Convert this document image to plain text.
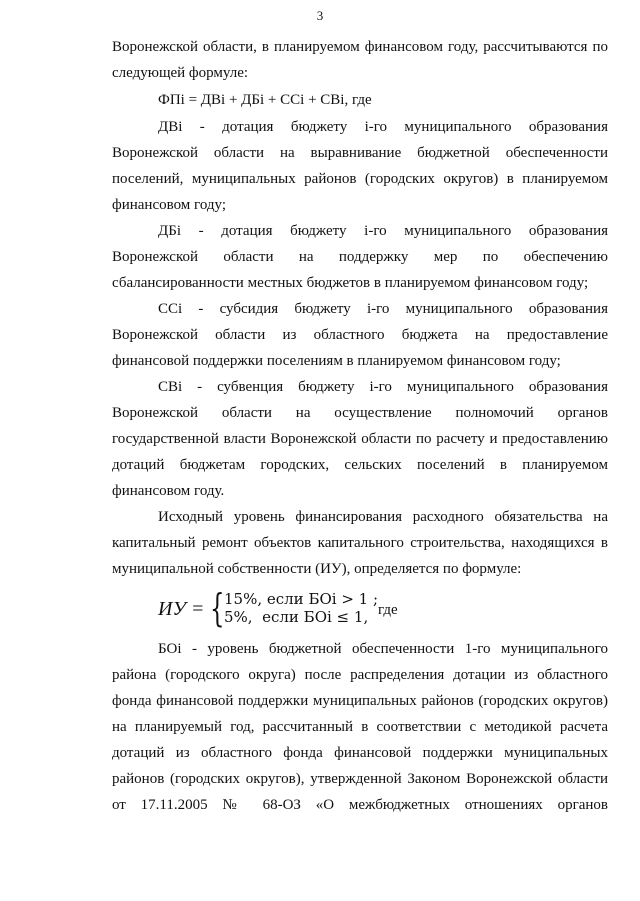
3
Воронежской области, в планируемом финансовом году, рассчитываются по
следующей формуле:
ФПi = ДВi + ДБi + ССi + СВi, где
ДВi - дотация бюджету i-го муниципального образования
Воронежской области на выравнивание бюджетной обеспеченности
поселений, муниципальных районов (городских округов) в планируемом
финансовом году;
ДБi - дотация бюджету i-го муниципального образования
Воронежской области на поддержку мер по обеспечению
сбалансированности местных бюджетов в планируемом финансовом году;
ССi - субсидия бюджету i-го муниципального образования
Воронежской области из областного бюджета на предоставление
финансовой поддержки поселениям в планируемом финансовом году;
СВi - субвенция бюджету i-го муниципального образования
Воронежской области на осуществление полномочий органов
государственной власти Воронежской области по расчету и предоставлению
дотаций бюджетам городских, сельских поселений в планируемом
финансовом году.
Исходный уровень финансирования расходного обязательства на
капитальный ремонт объектов капитального строительства, находящихся в
муниципальной собственности (ИУ), определяется по формуле:
ИУ = { 15%, если БОi > 1 ;
5%,  если БОi ≤ 1, где
БОi - уровень бюджетной обеспеченности 1-го муниципального
района (городского округа) после распределения дотации из областного
фонда финансовой поддержки муниципальных районов (городских округов)
на планируемый год, рассчитанный в соответствии с методикой расчета
дотаций из областного фонда финансовой поддержки муниципальных
районов (городских округов), утвержденной Законом Воронежской области
от 17.11.2005 № 68-ОЗ «О межбюджетных отношениях органов
